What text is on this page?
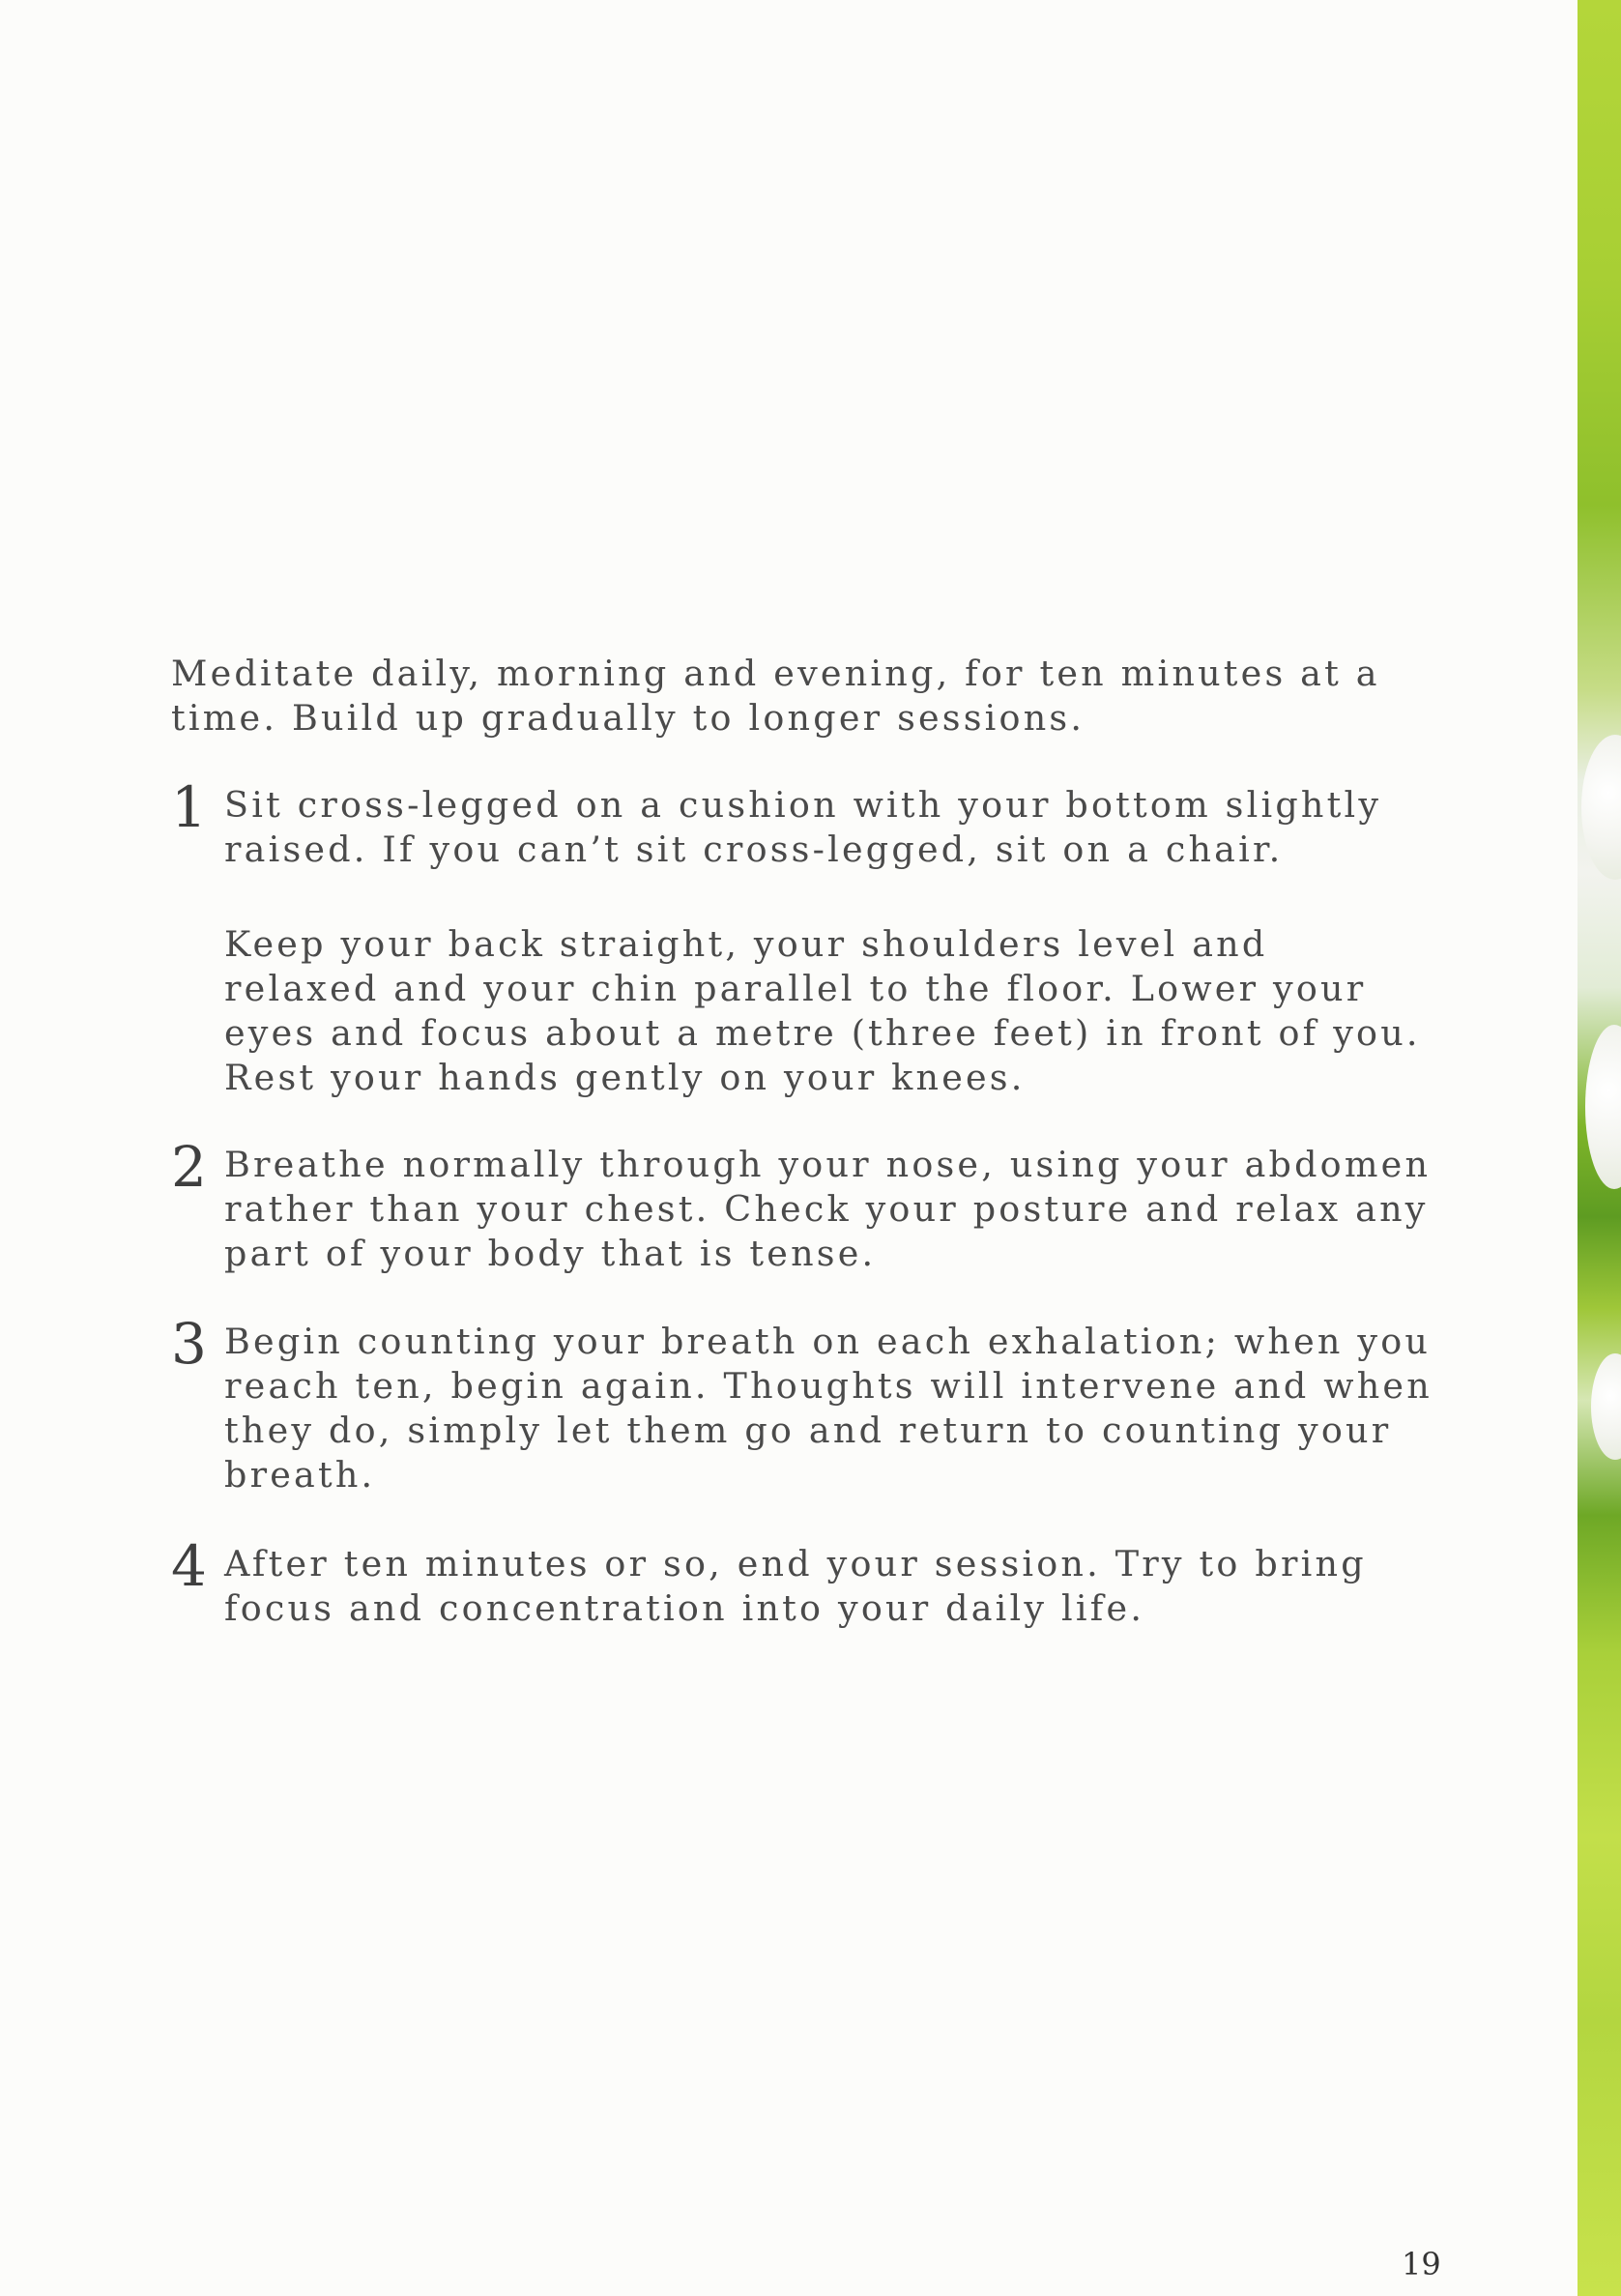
Meditate daily, morning and evening, for ten minutes at a time. Build up gradually to longer sessions.

1 Sit cross-legged on a cushion with your bottom slightly raised. If you can’t sit cross-legged, sit on a chair.

Keep your back straight, your shoulders level and relaxed and your chin parallel to the floor. Lower your eyes and focus about a metre (three feet) in front of you. Rest your hands gently on your knees.

2 Breathe normally through your nose, using your abdomen rather than your chest. Check your posture and relax any part of your body that is tense.

3 Begin counting your breath on each exhalation; when you reach ten, begin again. Thoughts will intervene and when they do, simply let them go and return to counting your breath.

4 After ten minutes or so, end your session. Try to bring focus and concentration into your daily life.

19
